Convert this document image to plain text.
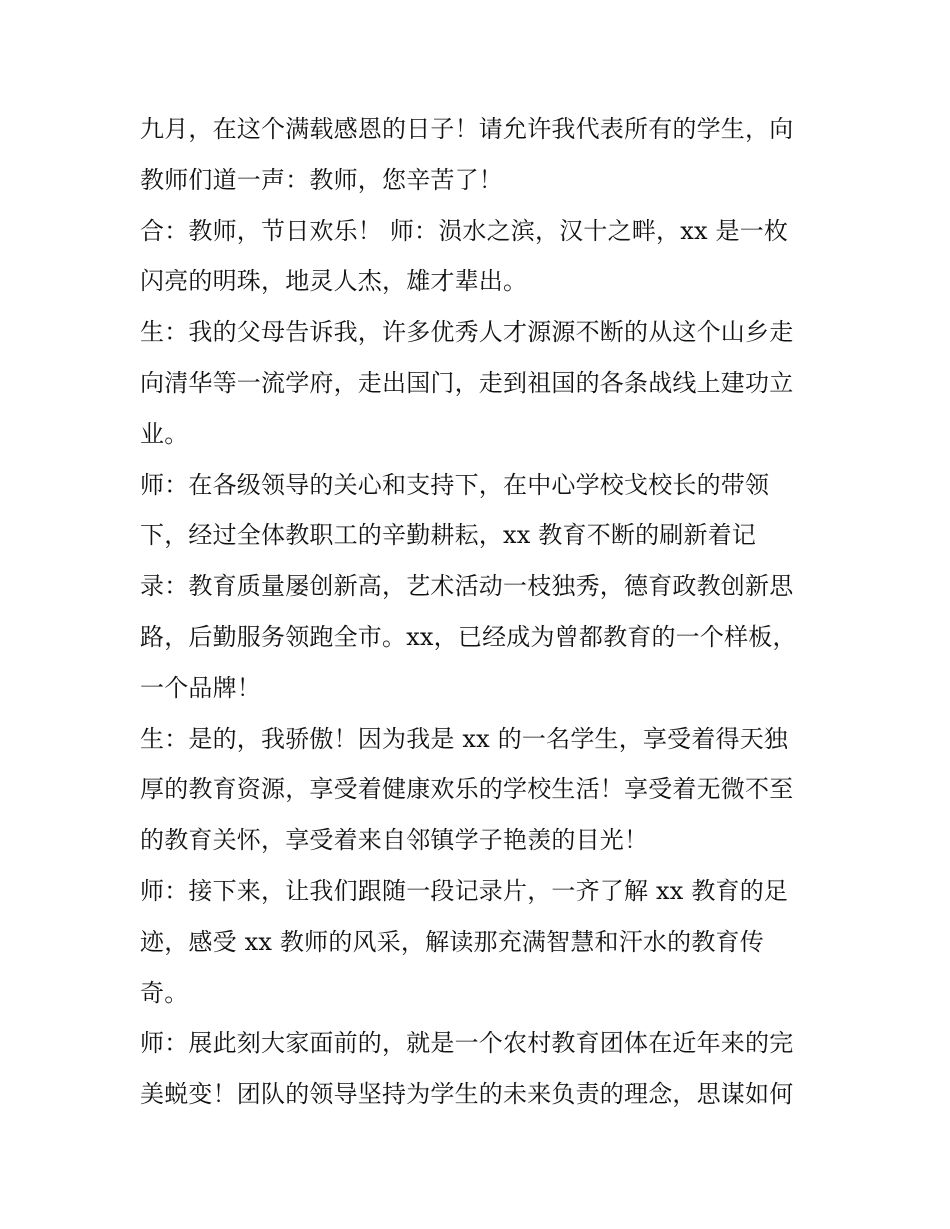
九月，在这个满载感恩的日子！请允许我代表所有的学生，向
教师们道一声：教师，您辛苦了！
合：教师，节日欢乐！ 师：涢水之滨，汉十之畔，xx 是一枚
闪亮的明珠，地灵人杰，雄才辈出。
生：我的父母告诉我，许多优秀人才源源不断的从这个山乡走
向清华等一流学府，走出国门，走到祖国的各条战线上建功立
业。
师：在各级领导的关心和支持下，在中心学校戈校长的带领
下，经过全体教职工的辛勤耕耘，xx 教育不断的刷新着记
录：教育质量屡创新高，艺术活动一枝独秀，德育政教创新思
路，后勤服务领跑全市。xx，已经成为曾都教育的一个样板，
一个品牌！
生：是的，我骄傲！因为我是 xx 的一名学生，享受着得天独
厚的教育资源，享受着健康欢乐的学校生活！享受着无微不至
的教育关怀，享受着来自邻镇学子艳羡的目光！
师：接下来，让我们跟随一段记录片，一齐了解 xx 教育的足
迹，感受 xx 教师的风采，解读那充满智慧和汗水的教育传
奇。
师：展此刻大家面前的，就是一个农村教育团体在近年来的完
美蜕变！团队的领导坚持为学生的未来负责的理念，思谋如何
